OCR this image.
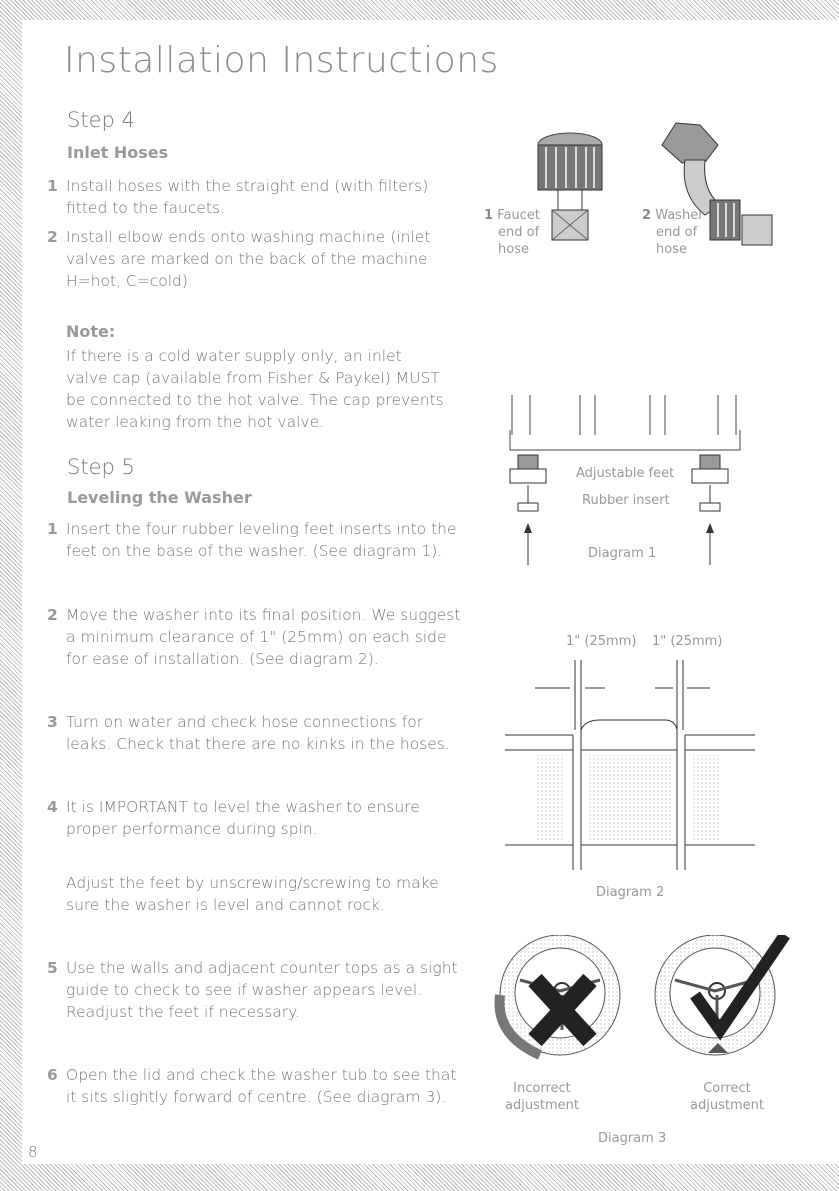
Installation Instructions
Step 4
Inlet Hoses
1 Install hoses with the straight end (with filters) fitted to the faucets.
2 Install elbow ends onto washing machine (inlet valves are marked on the back of the machine H=hot, C=cold)
Note:
If there is a cold water supply only, an inlet valve cap (available from Fisher & Paykel) MUST be connected to the hot valve. The cap prevents water leaking from the hot valve.
Step 5
Leveling the Washer
1 Insert the four rubber leveling feet inserts into the feet on the base of the washer. (See diagram 1).
2 Move the washer into its final position. We suggest a minimum clearance of 1" (25mm) on each side for ease of installation. (See diagram 2).
3 Turn on water and check hose connections for leaks. Check that there are no kinks in the hoses.
4 It is IMPORTANT to level the washer to ensure proper performance during spin.
Adjust the feet by unscrewing/screwing to make sure the washer is level and cannot rock.
5 Use the walls and adjacent counter tops as a sight guide to check to see if washer appears level. Readjust the feet if necessary.
6 Open the lid and check the washer tub to see that it sits slightly forward of centre. (See diagram 3).
1 Faucet
end of
hose
2 Washer
end of
hose
Adjustable feet
Rubber insert
Diagram 1
1" (25mm) 1" (25mm)
Diagram 2
Incorrect
adjustment
Correct
adjustment
Diagram 3
8
